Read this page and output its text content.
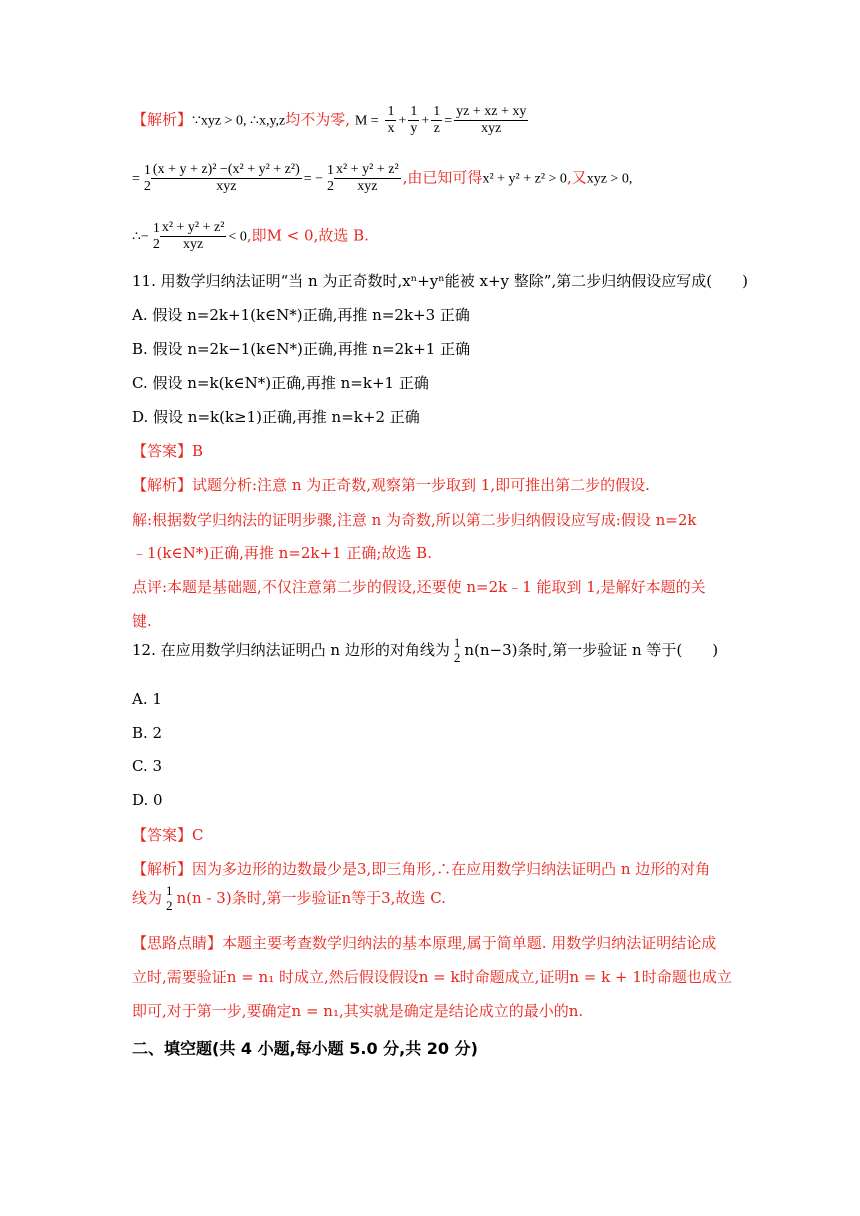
【解析】∵xyz > 0, ∴x,y,z均不为零, $M = \frac{1}{x} + \frac{1}{y} + \frac{1}{z} = \frac{yz + xz + xy}{\text{xyz}}$
=
1
$2 \frac{\text{(x + y + z)² −(x² + y² + z²)}}{\text{xyz}}$ = −
1
$2 \frac{\text{x² + y² + z²}}{\text{xyz}}$ ,由已知可得x² + y² + z² > 0,又xyz > 0,
∴−
1
$2 \frac{\text{x² + y² + z²}}{\text{xyz}} < 0$,即M < 0,故选 B.
11. 用数学归纳法证明“当 n 为正奇数时,xⁿ+yⁿ能被 x+y 整除”,第二步归纳假设应写成(　　)
A. 假设 n=2k+1(k∈N*)正确,再推 n=2k+3 正确
B. 假设 n=2k−1(k∈N*)正确,再推 n=2k+1 正确
C. 假设 n=k(k∈N*)正确,再推 n=k+1 正确
D. 假设 n=k(k≥1)正确,再推 n=k+2 正确
【答案】B
【解析】试题分析:注意 n 为正奇数,观察第一步取到 1,即可推出第二步的假设.
解:根据数学归纳法的证明步骤,注意 n 为奇数,所以第二步归纳假设应写成:假设 n=2k
﹣1(k∈N*)正确,再推 n=2k+1 正确;故选 B.
点评:本题是基础题,不仅注意第二步的假设,还要使 n=2k﹣1 能取到 1,是解好本题的关
键.
12. 在应用数学归纳法证明凸 n 边形的对角线为 1
2 n(n−3)条时,第一步验证 n 等于(　　)
A. 1
B. 2
C. 3
D. 0
【答案】C
【解析】因为多边形的边数最少是3,即三角形,∴在应用数学归纳法证明凸 n 边形的对角
线为 1
2 n(n - 3)条时,第一步验证n等于3,故选 C.
【思路点睛】本题主要考查数学归纳法的基本原理,属于简单题. 用数学归纳法证明结论成
立时,需要验证n = n₁ 时成立,然后假设假设n = k时命题成立,证明n = k + 1时命题也成立
即可,对于第一步,要确定n = n₁,其实就是确定是结论成立的最小的n.
二、填空题(共 4 小题,每小题 5.0 分,共 20 分)
